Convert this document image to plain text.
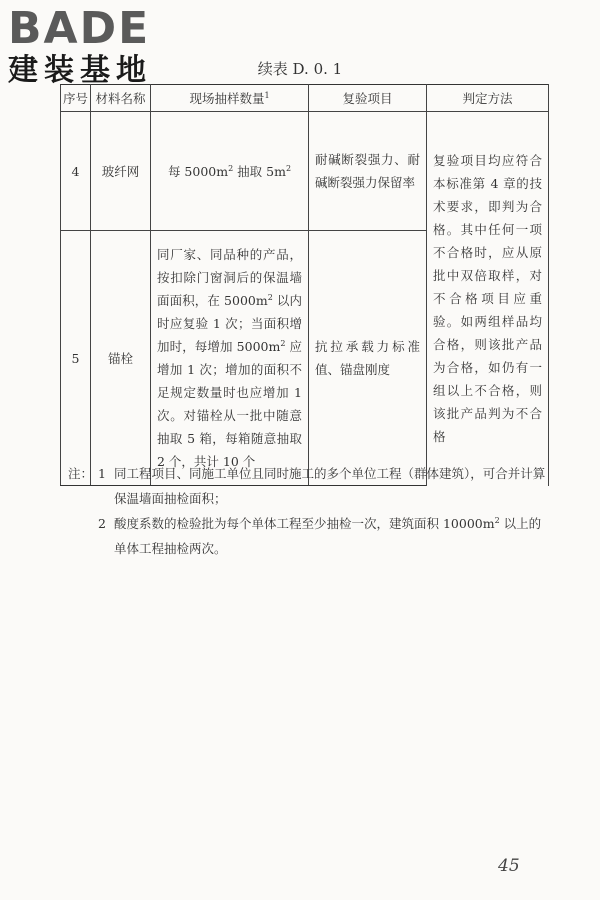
BADE
建装基地	续表 D. 0. 1
序号	材料名称	现场抽样数量$^1$	复验项目	判定方法
4	玻纤网	每 $5000m^2$ 抽取 $5m^2$	耐碱断裂强力、耐碱断裂强力保留率	复验项目均应符合本标准第 4 章的技术要求，即判为合格。其中任何一项不合格时，应从原批中双倍取样，对不合格项目应重验。如两组样品均合格，则该批产品为合格，如仍有一组以上不合格，则该批产品判为不合格
5	锚栓	同厂家、同品种的产品，按扣除门窗洞后的保温墙面面积，在 $5000m^2$ 以内时应复验 1 次；当面积增加时，每增加 $5000m^2$ 应增加 1 次；增加的面积不足规定数量时也应增加 1 次。对锚栓从一批中随意抽取 5 箱，每箱随意抽取 2 个，共计 10 个	抗拉承载力标准值、锚盘刚度	
注： 1 同工程项目、同施工单位且同时施工的多个单位工程（群体建筑），可合并计算保温墙面抽检面积；
2 酸度系数的检验批为每个单体工程至少抽检一次，建筑面积 $10000m^2$ 以上的单体工程抽检两次。
45
